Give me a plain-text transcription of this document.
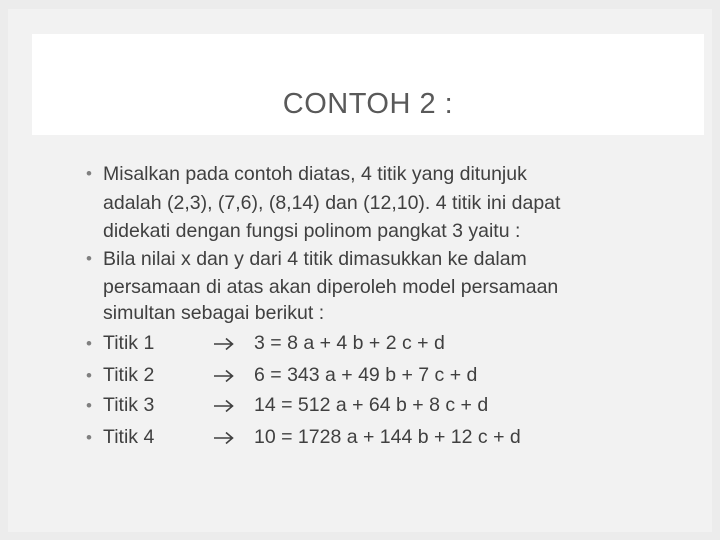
CONTOH 2 :
• Misalkan pada contoh diatas, 4 titik yang ditunjuk
adalah (2,3), (7,6), (8,14) dan (12,10). 4 titik ini dapat
didekati dengan fungsi polinom pangkat 3 yaitu :
• Bila nilai x dan y dari 4 titik dimasukkan ke dalam
persamaan di atas akan diperoleh model persamaan
simultan sebagai berikut :
• Titik 1	3 = 8 a + 4 b + 2 c + d
• Titik 2	6 = 343 a + 49 b + 7 c + d
• Titik 3	14 = 512 a + 64 b + 8 c + d
• Titik 4	10 = 1728 a + 144 b + 12 c + d
